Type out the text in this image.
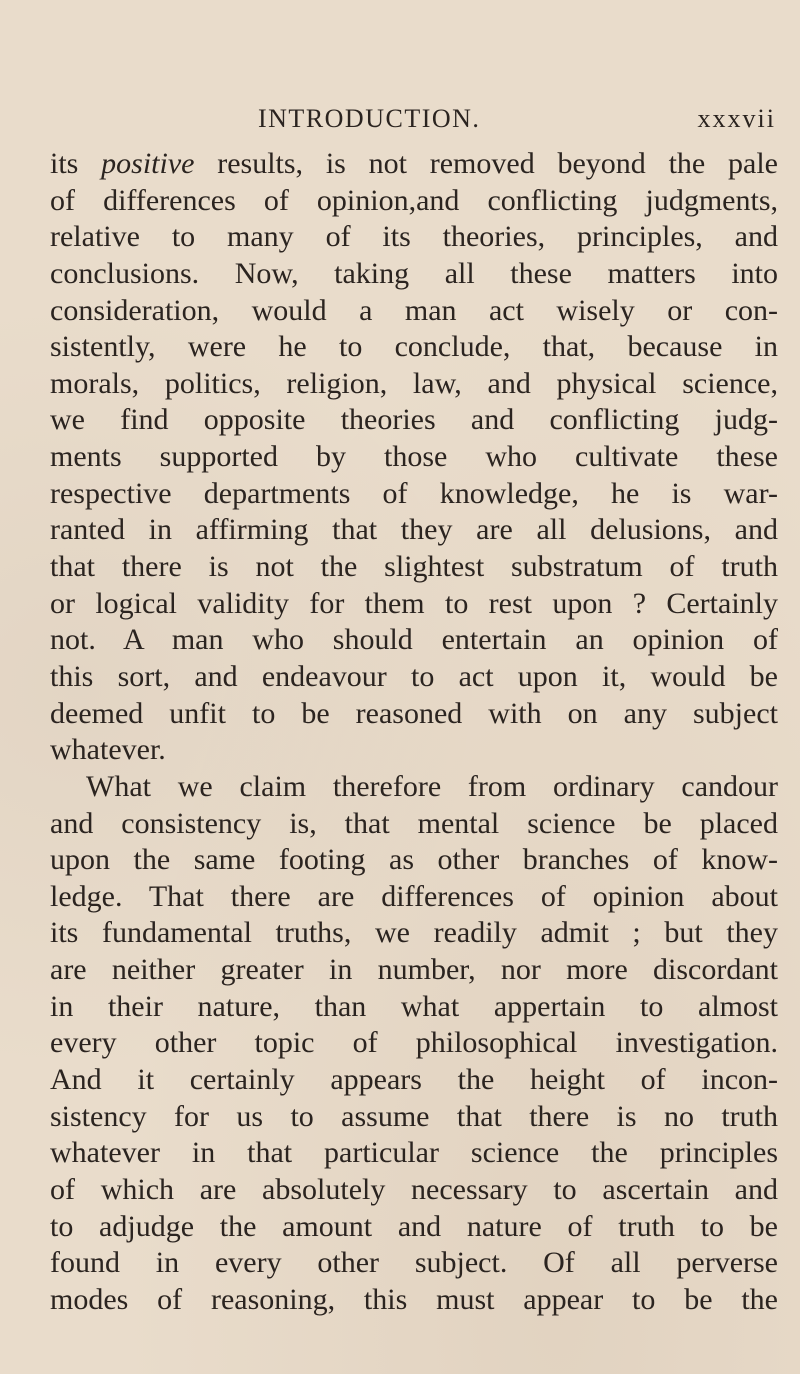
INTRODUCTION.	xxxvii
its positive results, is not removed beyond the pale
of differences of opinion,and conflicting judgments,
relative to many of its theories, principles, and
conclusions. Now, taking all these matters into
consideration, would a man act wisely or con-
sistently, were he to conclude, that, because in
morals, politics, religion, law, and physical science,
we find opposite theories and conflicting judg-
ments supported by those who cultivate these
respective departments of knowledge, he is war-
ranted in affirming that they are all delusions, and
that there is not the slightest substratum of truth
or logical validity for them to rest upon ? Certainly
not. A man who should entertain an opinion of
this sort, and endeavour to act upon it, would be
deemed unfit to be reasoned with on any subject
whatever.
What we claim therefore from ordinary candour
and consistency is, that mental science be placed
upon the same footing as other branches of know-
ledge. That there are differences of opinion about
its fundamental truths, we readily admit ; but they
are neither greater in number, nor more discordant
in their nature, than what appertain to almost
every other topic of philosophical investigation.
And it certainly appears the height of incon-
sistency for us to assume that there is no truth
whatever in that particular science the principles
of which are absolutely necessary to ascertain and
to adjudge the amount and nature of truth to be
found in every other subject. Of all perverse
modes of reasoning, this must appear to be the
